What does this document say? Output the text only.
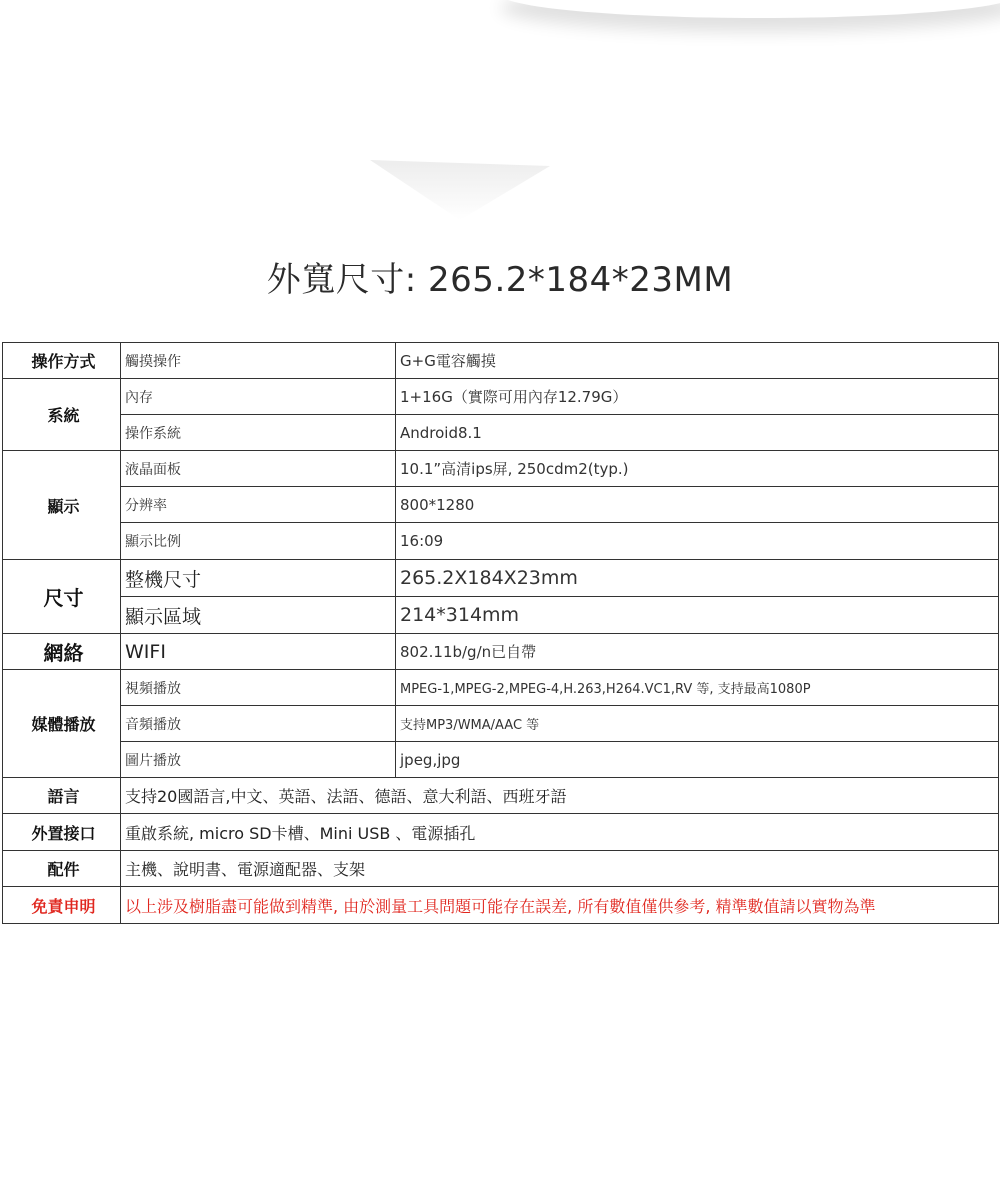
外寬尺寸: 265.2*184*23MM
操作方式	觸摸操作	G+G電容觸摸
系統	內存	1+16G（實際可用內存12.79G）
	操作系統	Android8.1
顯示	液晶面板	10.1”高清ips屏, 250cdm2(typ.)
	分辨率	800*1280
	顯示比例	16:09
尺寸	整機尺寸	265.2X184X23mm
	顯示區域	214*314mm
網絡	WIFI	802.11b/g/n已自帶
媒體播放	視頻播放	MPEG-1,MPEG-2,MPEG-4,H.263,H264.VC1,RV 等, 支持最高1080P
	音頻播放	支持MP3/WMA/AAC 等
	圖片播放	jpeg,jpg
語言	支持20國語言,中文、英語、法語、德語、意大利語、西班牙語	
外置接口	重啟系統, micro SD卡槽、Mini USB 、電源插孔	
配件	主機、說明書、電源適配器、支架	
免責申明	以上涉及樹脂盡可能做到精準, 由於測量工具問題可能存在誤差, 所有數值僅供參考, 精準數值請以實物為準	
